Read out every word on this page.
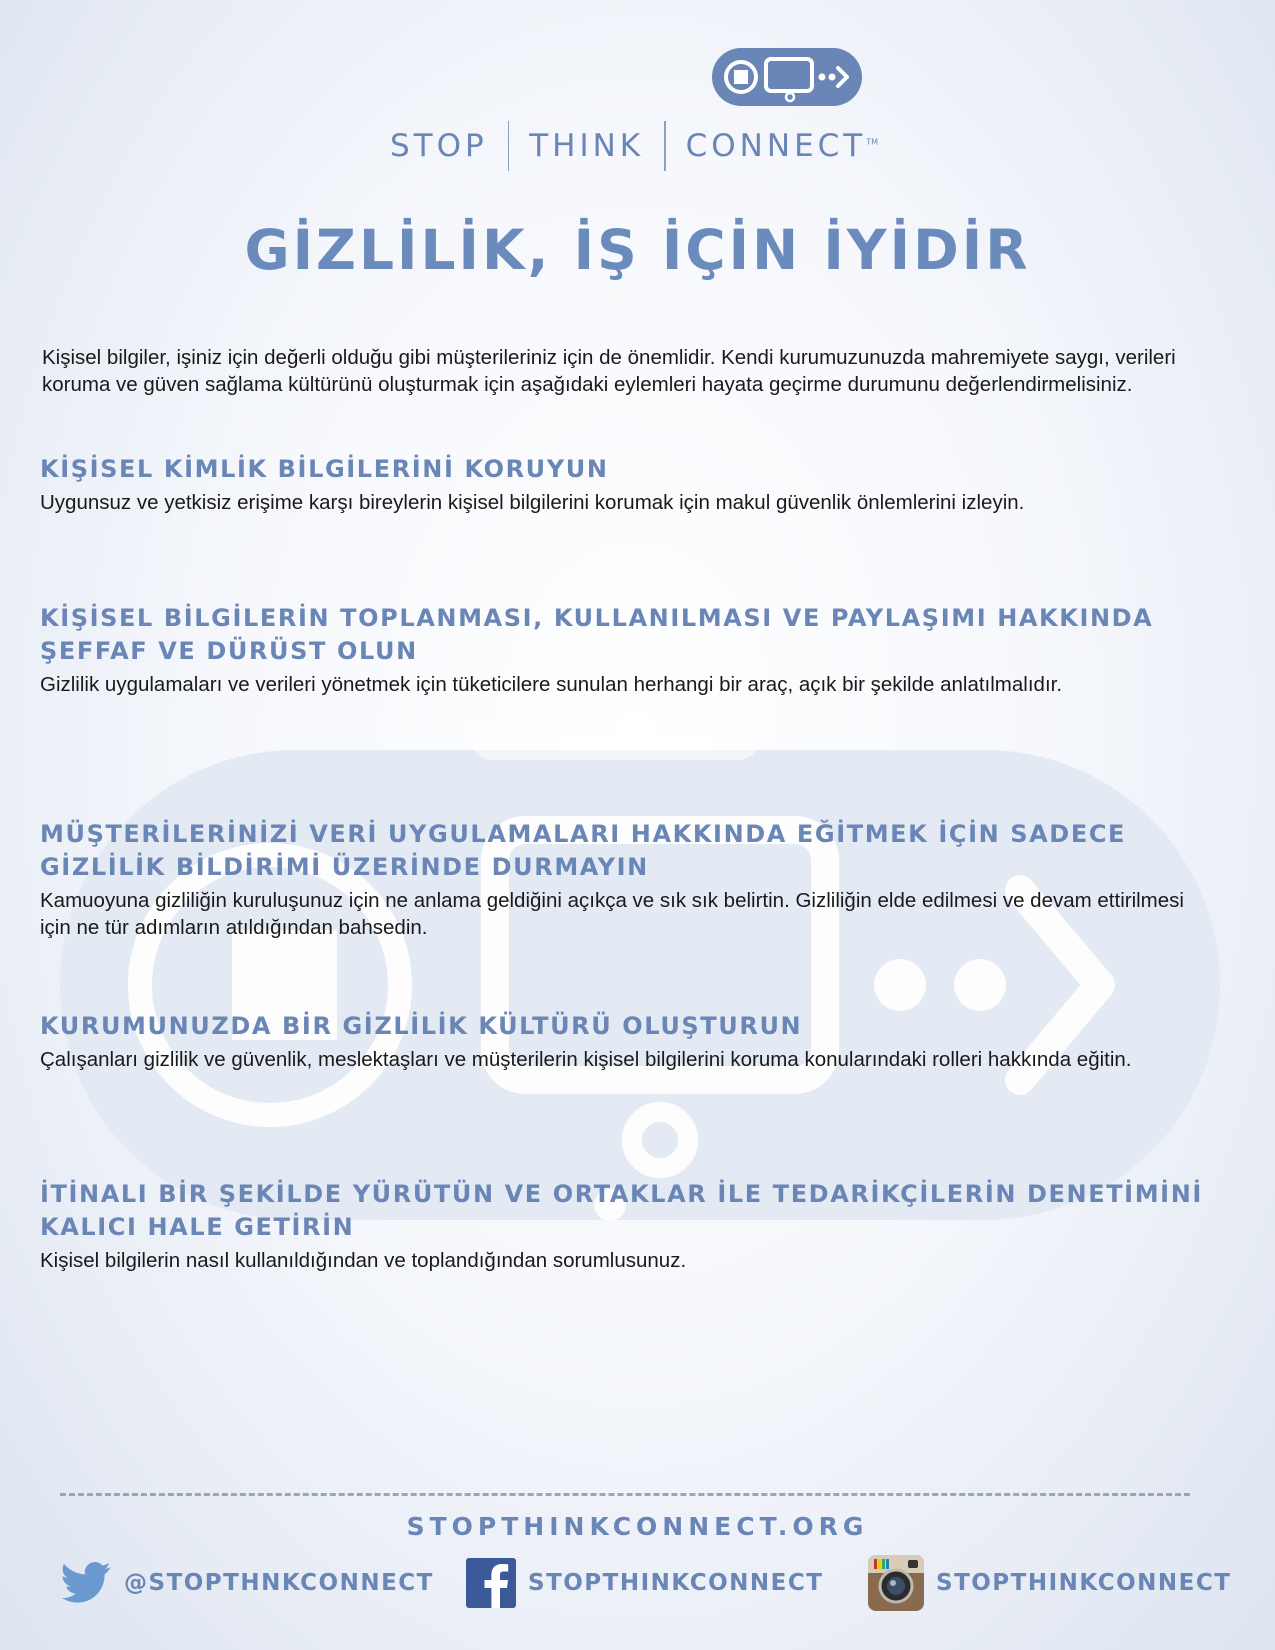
STOP	THINK	CONNECT™
GİZLİLİK, İŞ İÇİN İYİDİR

Kişisel bilgiler, işiniz için değerli olduğu gibi müşterileriniz için de önemlidir. Kendi kurumuzunuzda mahremiyete saygı, verileri koruma ve güven sağlama kültürünü oluşturmak için aşağıdaki eylemleri hayata geçirme durumunu değerlendirmelisiniz.

KİŞİSEL KİMLİK BİLGİLERİNİ KORUYUN

Uygunsuz ve yetkisiz erişime karşı bireylerin kişisel bilgilerini korumak için makul güvenlik önlemlerini izleyin.

KİŞİSEL BİLGİLERİN TOPLANMASI, KULLANILMASI VE PAYLAŞIMI HAKKINDA ŞEFFAF VE DÜRÜST OLUN

Gizlilik uygulamaları ve verileri yönetmek için tüketicilere sunulan herhangi bir araç, açık bir şekilde anlatılmalıdır.

MÜŞTERİLERİNİZİ VERİ UYGULAMALARI HAKKINDA EĞİTMEK İÇİN SADECE GİZLİLİK BİLDİRİMİ ÜZERİNDE DURMAYIN

Kamuoyuna gizliliğin kuruluşunuz için ne anlama geldiğini açıkça ve sık sık belirtin. Gizliliğin elde edilmesi ve devam ettirilmesi için ne tür adımların atıldığından bahsedin.

KURUMUNUZDA BİR GİZLİLİK KÜLTÜRÜ OLUŞTURUN

Çalışanları gizlilik ve güvenlik, meslektaşları ve müşterilerin kişisel bilgilerini koruma konularındaki rolleri hakkında eğitin.

İTİNALI BİR ŞEKİLDE YÜRÜTÜN VE ORTAKLAR İLE TEDARİKÇİLERİN DENETİMİNİ KALICI HALE GETİRİN

Kişisel bilgilerin nasıl kullanıldığından ve toplandığından sorumlusunuz.

STOPTHINKCONNECT.ORG
@STOPTHNKCONNECT	STOPTHINKCONNECT	STOPTHINKCONNECT
